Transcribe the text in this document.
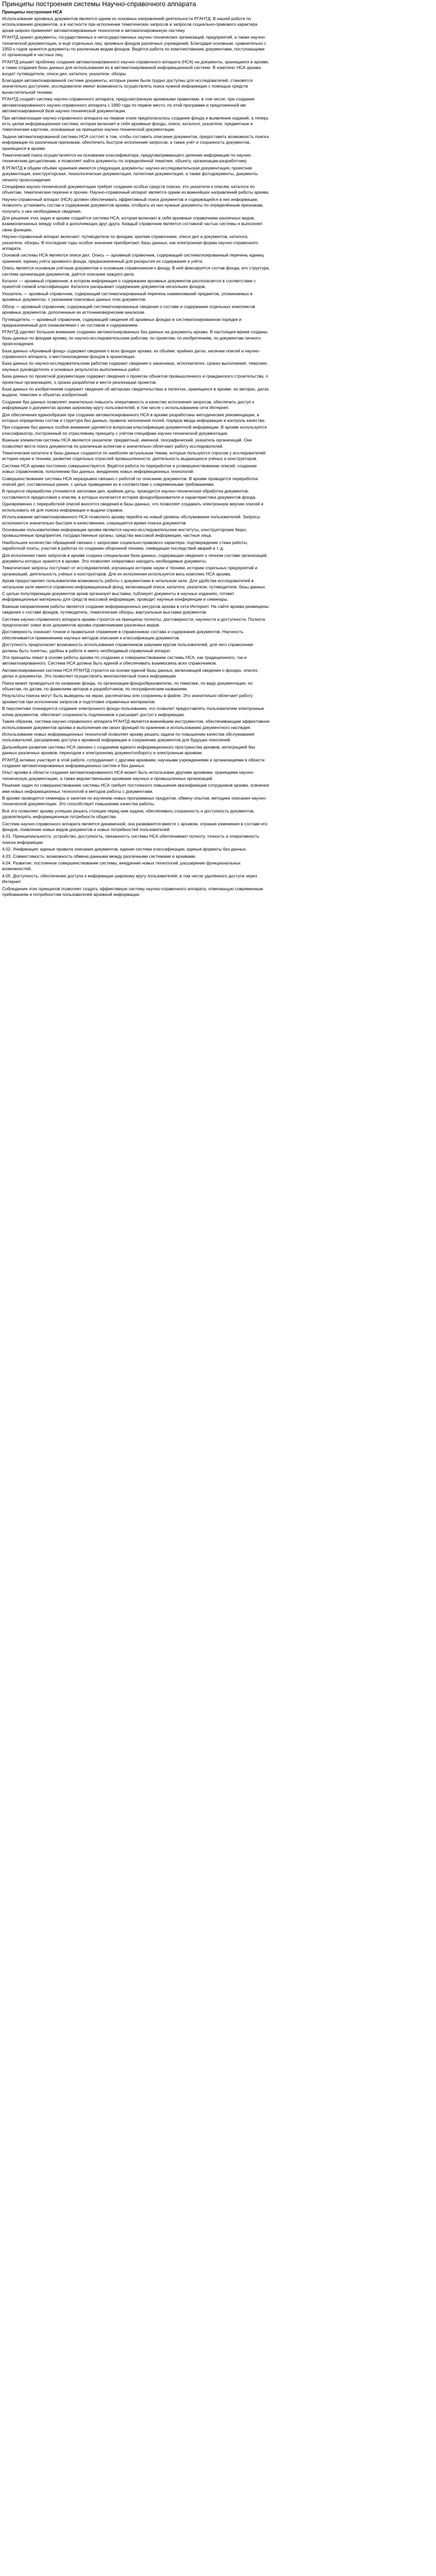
Принципы построения системы Научно-справочного аппарата
Принципы построения НСА

Использование архивных документов является одним из основных направлений деятельности РГАНТД. В нашей работе по использованию документов, а в частности при исполнении тематических запросов и запросов социально-правового характера архив широко применяет автоматизированные технологии и автоматизированную систему.

РГАНТД хранит документы, государственных и негосударственных научно-технических организаций, предприятий, а также научно-технической документации, и ещё отдельных лиц: архивных фондов различных учреждений, Благодаря основным, сравнительно с 1950-х годов хранятся документы по различным видам фондов. Ведётся работа по комплектованию документами, поступающими от организаций и частных лиц.

РГАНТД решает проблему создания автоматизированного научно-справочного аппарата (НСА) на документы, хранящиеся в архиве, а также создания базы данных для использования их в автоматизированной информационной системе. В комплекс НСА архива входят путеводители, описи дел, каталоги, указатели, обзоры.

Благодаря автоматизированной системе документы, которые ранее были трудно доступны для исследователей, становятся значительно доступнее, исследователи имеют возможность осуществлять поиск нужной информации с помощью средств вычислительной техники.

РГАНТД создаёт систему научно-справочного аппарата, предусмотренную архивными правилами, в том числе: при создании автоматизированного научно-справочного аппарата с 1990 года по первое место, по этой программе и предложенной им автоматизированной базе научно-технической документации.

При автоматизации научно-справочного аппарата на первом этапе предполагалось создание фонда и выявление изданий, а теперь есть целая информационная система, которая включает в себя архивные фонды, описи, каталоги, указатели, предметные и тематические карточки, основанные на принципах научно-технической документации.

Задачи автоматизированной системы НСА состоят в том, чтобы составить описание документов, предоставить возможность поиска информации по различным признакам, обеспечить быстрое исполнение запросов, а также учёт и сохранность документов, хранящихся в архиве.

Тематический поиск осуществляется на основании классификатора, предусматривающего деление информации по научно-техническим дисциплинам, и позволяет найти документы по определённой тематике, объекту, организации-разработчику.

В РГАНТД в общем объёме хранения имеются следующие документы: научно-исследовательская документация, проектная документация, конструкторская, технологическая документация, патентная документация, а также фотодокументы, документы личного происхождения.

Специфика научно-технической документации требует создания особых средств поиска: это указатели к описям, каталоги по объектам, тематические перечни и прочее. Научно-справочный аппарат является одним из важнейших направлений работы архива.

Научно-справочный аппарат (НСА) должен обеспечивать эффективный поиск документов и содержащейся в них информации, позволять установить состав и содержание документов архива, отобрать из них нужные документы по определённым признакам, получить о них необходимые сведения.

Для решения этих задач в архиве создаётся система НСА, которая включает в себя архивные справочники различных видов, взаимосвязанных между собой и дополняющих друг друга. Каждый справочник является составной частью системы и выполняет свою функцию.

Научно-справочный аппарат включает: путеводители по фондам, краткие справочники, описи дел и документов, каталоги, указатели, обзоры. В последние годы особое значение приобретают базы данных, как электронная форма научно-справочного аппарата.

Основой системы НСА являются описи дел. Опись — архивный справочник, содержащий систематизированный перечень единиц хранения, единиц учёта архивного фонда, предназначенный для раскрытия их содержания и учёта.

Опись является основным учётным документом и основным справочником к фонду. В ней фиксируется состав фонда, его структура, система организации документов, даётся описание каждого дела.

Каталог — архивный справочник, в котором информация о содержании архивных документов располагается в соответствии с принятой схемой классификации. Каталоги раскрывают содержание документов нескольких фондов.

Указатель — архивный справочник, содержащий систематизированный перечень наименований предметов, упоминаемых в архивных документах, с указанием поисковых данных этих документов.

Обзор — архивный справочник, содержащий систематизированные сведения о составе и содержании отдельных комплексов архивных документов, дополненные их источниковедческим анализом.

Путеводитель — архивный справочник, содержащий сведения об архивных фондах в систематизированном порядке и предназначенный для ознакомления с их составом и содержанием.

РГАНТД уделяет большое внимание созданию автоматизированных баз данных на документы архива. В настоящее время созданы базы данных по фондам архива, по научно-исследовательским работам, по проектам, по изобретениям, по документам личного происхождения.

База данных «Архивный фонд» содержит сведения о всех фондах архива, их объёме, крайних датах, наличии описей и научно-справочного аппарата, о местонахождении фондов в хранилищах.

База данных по научно-исследовательским работам содержит сведения о заказчиках, исполнителях, сроках выполнения, тематике, научных руководителях и основных результатах выполненных работ.

База данных по проектной документации содержит сведения о проектах объектов промышленного и гражданского строительства, о проектных организациях, о сроках разработки и месте реализации проектов.

База данных по изобретениям содержит сведения об авторских свидетельствах и патентах, хранящихся в архиве, их авторах, датах выдачи, тематике и объектах изобретений.

Создание баз данных позволяет значительно повысить оперативность и качество исполнения запросов, обеспечить доступ к информации о документах архива широкому кругу пользователей, в том числе с использованием сети Интернет.

Для обеспечения единообразия при создании автоматизированного НСА в архиве разработаны методические рекомендации, в которых определены состав и структура баз данных, правила заполнения полей, порядок ввода информации и контроль качества.

При создании баз данных особое внимание уделяется вопросам классификации документной информации. В архиве используется классификатор, построенный по отраслевому принципу с учётом специфики научно-технической документации.

Важным элементом системы НСА являются указатели: предметный, именной, географический, указатель организаций. Они позволяют вести поиск документов по различным аспектам и значительно облегчают работу исследователей.

Тематические каталоги и базы данных создаются по наиболее актуальным темам, которые пользуются спросом у исследователей: история науки и техники, развитие отдельных отраслей промышленности, деятельность выдающихся учёных и конструкторов.

Система НСА архива постоянно совершенствуется. Ведётся работа по переработке и усовершенствованию описей, созданию новых справочников, пополнению баз данных, внедрению новых информационных технологий.

Совершенствование системы НСА неразрывно связано с работой по описанию документов. В архиве проводится переработка описей дел, составленных ранее, с целью приведения их в соответствие с современными требованиями.

В процессе переработки уточняются заголовки дел, крайние даты, проводится научно-техническая обработка документов, составляются предисловия к описям, в которых излагается история фондообразователя и характеристика документов фонда.

Одновременно с переработкой описей вносятся сведения в базы данных, что позволяет создавать электронную версию описей и использовать её для поиска информации и выдачи справок.

Использование автоматизированного НСА позволило архиву перейти на новый уровень обслуживания пользователей. Запросы исполняются значительно быстрее и качественнее, сокращается время поиска документов.

Основными пользователями информации архива являются научно-исследовательские институты, конструкторские бюро, промышленные предприятия, государственные органы, средства массовой информации, частные лица.

Наибольшее количество обращений связано с запросами социально-правового характера: подтверждение стажа работы, заработной платы, участия в работах по созданию оборонной техники, ликвидации последствий аварий и т. д.

Для исполнения таких запросов в архиве создана специальная база данных, содержащая сведения о личном составе организаций, документы которых хранятся в архиве. Это позволяет оперативно находить необходимые документы.

Тематические запросы поступают от исследователей, изучающих историю науки и техники, историю отдельных предприятий и организаций, деятельность учёных и конструкторов. Для их исполнения используется весь комплекс НСА архива.

Архив предоставляет пользователям возможность работы с документами в читальном зале. Для удобства исследователей в читальном зале имеется справочно-информационный фонд, включающий описи, каталоги, указатели, путеводители, базы данных.

С целью популяризации документов архив организует выставки, публикует документы в научных изданиях, готовит информационные материалы для средств массовой информации, проводит научные конференции и семинары.

Важным направлением работы является создание информационных ресурсов архива в сети Интернет. На сайте архива размещены сведения о составе фондов, путеводитель, тематические обзоры, виртуальные выставки документов.

Система научно-справочного аппарата архива строится на принципах полноты, достоверности, научности и доступности. Полнота предполагает охват всех документов архива справочниками различных видов.

Достоверность означает точное и правильное отражение в справочниках состава и содержания документов. Научность обеспечивается применением научных методов описания и классификации документов.

Доступность предполагает возможность использования справочников широким кругом пользователей, для чего справочники должны быть понятны, удобны в работе и иметь необходимый справочный аппарат.

Эти принципы лежат в основе работы архива по созданию и совершенствованию системы НСА, как традиционного, так и автоматизированного. Система НСА должна быть единой и обеспечивать взаимосвязь всех справочников.

Автоматизированная система НСА РГАНТД строится на основе единой базы данных, включающей сведения о фондах, описях, делах и документах. Это позволяет осуществлять многоаспектный поиск информации.

Поиск может проводиться по названию фонда, по организации-фондообразователю, по тематике, по виду документации, по объектам, по датам, по фамилиям авторов и разработчиков, по географическим названиям.

Результаты поиска могут быть выведены на экран, распечатаны или сохранены в файле. Это значительно облегчает работу архивистов при исполнении запросов и подготовке справочных материалов.

В перспективе планируется создание электронного фонда пользования, что позволит предоставлять пользователям электронные копии документов, обеспечит сохранность подлинников и расширит доступ к информации.

Таким образом, система научно-справочного аппарата РГАНТД является важнейшим инструментом, обеспечивающим эффективное использование документов архива и выполнение им своих функций по хранению и использованию документного наследия.

Использование новых информационных технологий позволяет архиву решать задачи по повышению качества обслуживания пользователей, расширению доступа к архивной информации и сохранению документов для будущих поколений.

Дальнейшее развитие системы НСА связано с созданием единого информационного пространства архивов, интеграцией баз данных различных архивов, переходом к электронному документообороту и электронным архивам.

РГАНТД активно участвует в этой работе, сотрудничает с другими архивами, научными учреждениями и организациями в области создания автоматизированных информационных систем и баз данных.

Опыт архива в области создания автоматизированного НСА может быть использован другими архивами, хранящими научно-техническую документацию, а также ведомственными архивами научных и промышленных организаций.

Решение задач по совершенствованию системы НСА требует постоянного повышения квалификации сотрудников архива, освоения ими новых информационных технологий и методов работы с документами.

В архиве проводятся семинары и занятия по изучению новых программных продуктов, обмену опытом, методике описания научно-технической документации. Это способствует повышению качества работы.

Всё это позволяет архиву успешно решать стоящие перед ним задачи, обеспечивать сохранность и доступность документов, удовлетворять информационные потребности общества.

Система научно-справочного аппарата является динамичной, она развивается вместе с архивом, отражая изменения в составе его фондов, появление новых видов документов и новых потребностей пользователей.

4.01. Принципиальность: устройство, доступность, связанность системы НСА обеспечивают полноту, точность и оперативность поиска информации.

4.02. Унификация: единые правила описания документов, единая система классификации, единые форматы баз данных.

4.03. Совместимость: возможность обмена данными между различными системами и архивами.

4.04. Развитие: постоянное совершенствование системы, внедрение новых технологий, расширение функциональных возможностей.

4.05. Доступность: обеспечение доступа к информации широкому кругу пользователей, в том числе удалённого доступа через Интернет.

Соблюдение этих принципов позволяет создать эффективную систему научно-справочного аппарата, отвечающую современным требованиям и потребностям пользователей архивной информации.
